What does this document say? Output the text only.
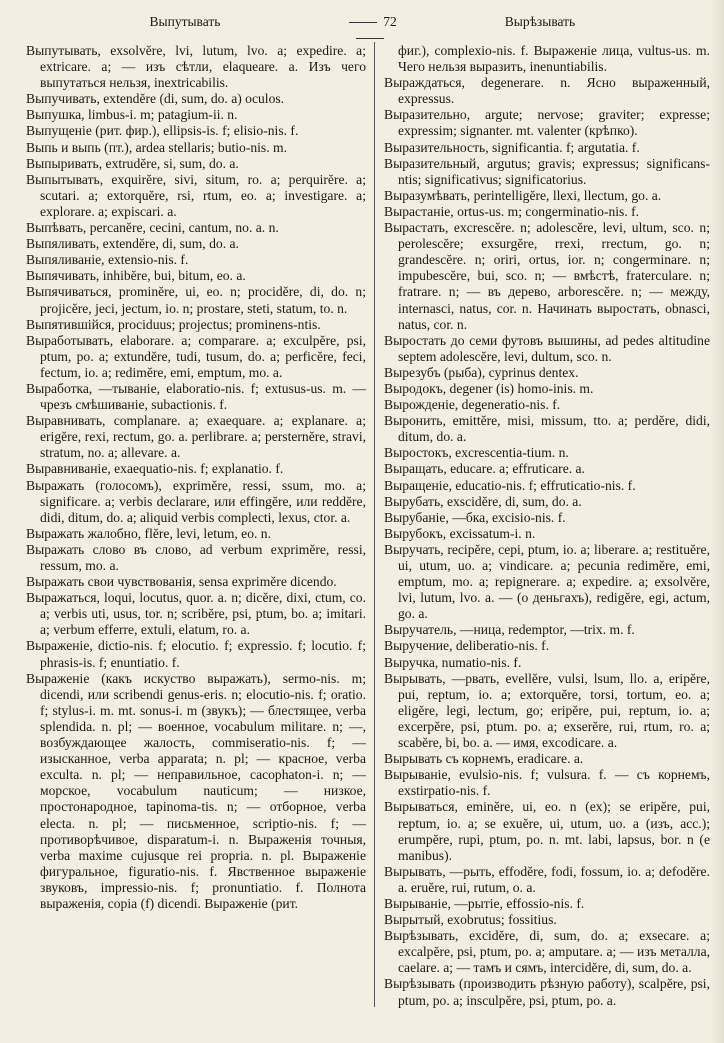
Выпутывать	72	Вырѣзывать

Выпутывать, exsolvĕre, lvi, lutum, lvo. a; expedire. a; extricare. a; — изъ сѣтли, elaqueare. a. Изъ чего выпутаться нельзя, inextricabilis.

Выпучивать, extendĕre (di, sum, do. a) oculos.

Выпушка, limbus-i. m; patagium-ii. n.

Выпущеніе (рит. фир.), ellipsis-is. f; elisio-nis. f.

Выпь и выпь (пт.), ardea stellaris; butio-nis. m.

Выпыривать, extrudĕre, si, sum, do. a.

Выпытывать, exquirĕre, sivi, situm, ro. a; perquirĕre. a; scutari. a; extorquĕre, rsi, rtum, eo. a; investigare. a; explorare. a; expiscari. a.

Выпѣвать, percanĕre, cecini, cantum, no. a. n.

Выпяливать, extendĕre, di, sum, do. a.

Выпяливаніе, extensio-nis. f.

Выпячивать, inhibĕre, bui, bitum, eo. a.

Выпячиваться, prominĕre, ui, eo. n; procidĕre, di, do. n; projicĕre, jeci, jectum, io. n; prostare, steti, statum, to. n.

Выпятившійся, prociduus; projectus; prominens-ntis.

Выработывать, elaborare. a; comparare. a; exculpĕre, psi, ptum, po. a; extundĕre, tudi, tusum, do. a; perficĕre, feci, fectum, io. a; redimĕre, emi, emptum, mo. a.

Выработка, —тываніе, elaboratio-nis. f; extusus-us. m. — чрезъ смѣшиваніе, subactionis. f.

Выравнивать, complanare. a; exaequare. a; explanare. a; erigĕre, rexi, rectum, go. a. perlibrare. a; persternĕre, stravi, stratum, no. a; allevare. a.

Выравниваніе, exaequatio-nis. f; explanatio. f.

Выражать (голосомъ), exprimĕre, ressi, ssum, mo. a; significare. a; verbis declarare, или effingĕre, или reddĕre, didi, ditum, do. a; aliquid verbis complecti, lexus, ctor. a.

Выражать жалобно, flĕre, levi, letum, eo. n.

Выражать слово въ слово, ad verbum exprimĕre, ressi, ressum, mo. a.

Выражать свои чувствованія, sensa exprimĕre dicendo.

Выражаться, loqui, locutus, quor. a. n; dicĕre, dixi, ctum, co. a; verbis uti, usus, tor. n; scribĕre, psi, ptum, bo. a; imitari. a; verbum efferre, extuli, elatum, ro. a.

Выраженіе, dictio-nis. f; elocutio. f; expressio. f; locutio. f; phrasis-is. f; enuntiatio. f.

Выраженіе (какъ искуство выражать), sermo-nis. m; dicendi, или scribendi genus-eris. n; elocutio-nis. f; oratio. f; stylus-i. m. mt. sonus-i. m (звукъ); — блестящее, verba splendida. n. pl; — военное, vocabulum militare. n; —, возбуждающее жалость, commiseratio-nis. f; — изысканное, verba apparata; n. pl; — красное, verba exculta. n. pl; — неправильное, cacophaton-i. n; — морское, vocabulum nauticum; — низкое, простонародное, tapinoma-tis. n; — отборное, verba electa. n. pl; — письменное, scriptio-nis. f; —противорѣчивое, disparatum-i. n. Выраженія точныя, verba maxime cujusque rei propria. n. pl. Выраженіе фигуральное, figuratio-nis. f. Явственное выраженіе звуковъ, impressio-nis. f; pronuntiatio. f. Полнота выраженія, copia (f) dicendi. Выраженіе (рит.

фиг.), complexio-nis. f. Выраженіе лица, vultus-us. m. Чего нельзя выразить, inenuntiabilis.

Выраждаться, degenerare. n. Ясно выраженный, expressus.

Выразительно, argute; nervose; graviter; expresse; expressim; signanter. mt. valenter (крѣпко).

Выразительность, significantia. f; argutatia. f.

Выразительный, argutus; gravis; expressus; significans-ntis; significativus; significatorius.

Выразумѣвать, perintelligĕre, llexi, llectum, go. a.

Вырастаніе, ortus-us. m; congerminatio-nis. f.

Вырастать, excrescĕre. n; adolescĕre, levi, ultum, sco. n; perolescĕre; exsurgĕre, rrexi, rrectum, go. n; grandescĕre. n; oriri, ortus, ior. n; congerminare. n; impubescĕre, bui, sco. n; — вмѣстѣ, fraterculare. n; fratrare. n; — въ дерево, arborescĕre. n; — между, internasci, natus, cor. n. Начинать выростать, obnasci, natus, cor. n.

Выростать до семи футовъ вышины, ad pedes altitudine septem adolescĕre, levi, dultum, sco. n.

Вырезубъ (рыба), cyprinus dentex.

Выродокъ, degener (is) homo-inis. m.

Вырожденіе, degeneratio-nis. f.

Выронить, emittĕre, misi, missum, tto. a; perdĕre, didi, ditum, do. a.

Выростокъ, excrescentia-tium. n.

Выращать, educare. a; effruticare. a.

Выращеніе, educatio-nis. f; effruticatio-nis. f.

Вырубать, exscidĕre, di, sum, do. a.

Вырубаніе, —бка, excisio-nis. f.

Вырубокъ, excissatum-i. n.

Выручать, recipĕre, cepi, ptum, io. a; liberare. a; restituĕre, ui, utum, uo. a; vindicare. a; pecunia redimĕre, emi, emptum, mo. a; repignerare. a; expedire. a; exsolvĕre, lvi, lutum, lvo. a. — (о деньгахъ), redigĕre, egi, actum, go. a.

Выручатель, —ница, redemptor, —trix. m. f.

Выручение, deliberatio-nis. f.

Выручка, numatio-nis. f.

Вырывать, —рвать, evellĕre, vulsi, lsum, llo. a, eripĕre, pui, reptum, io. a; extorquĕre, torsi, tortum, eo. a; eligĕre, legi, lectum, go; eripĕre, pui, reptum, io. a; excerpĕre, psi, ptum. po. a; exserĕre, rui, rtum, ro. a; scabĕre, bi, bo. a. — имя, excodicare. a.

Вырывать съ корнемъ, eradicare. a.

Вырываніе, evulsio-nis. f; vulsura. f. — съ корнемъ, exstirpatio-nis. f.

Вырываться, eminĕre, ui, eo. n (ex); se eripĕre, pui, reptum, io. a; se exuĕre, ui, utum, uo. a (изъ, acc.); erumpĕre, rupi, ptum, po. n. mt. labi, lapsus, bor. n (e manibus).

Вырывать, —рыть, effodĕre, fodi, fossum, io. a; defodĕre. a. eruĕre, rui, rutum, o. a.

Вырываніе, —рытіе, effossio-nis. f.

Вырытый, exobrutus; fossitius.

Вырѣзывать, excidĕre, di, sum, do. a; exsecare. a; excalpĕre, psi, ptum, po. a; amputare. a; — изъ металла, caelare. a; — тамъ и сямъ, intercidĕre, di, sum, do. a.

Вырѣзывать (производить рѣзную работу), scalpĕre, psi, ptum, po. a; insculpĕre, psi, ptum, po. a.
